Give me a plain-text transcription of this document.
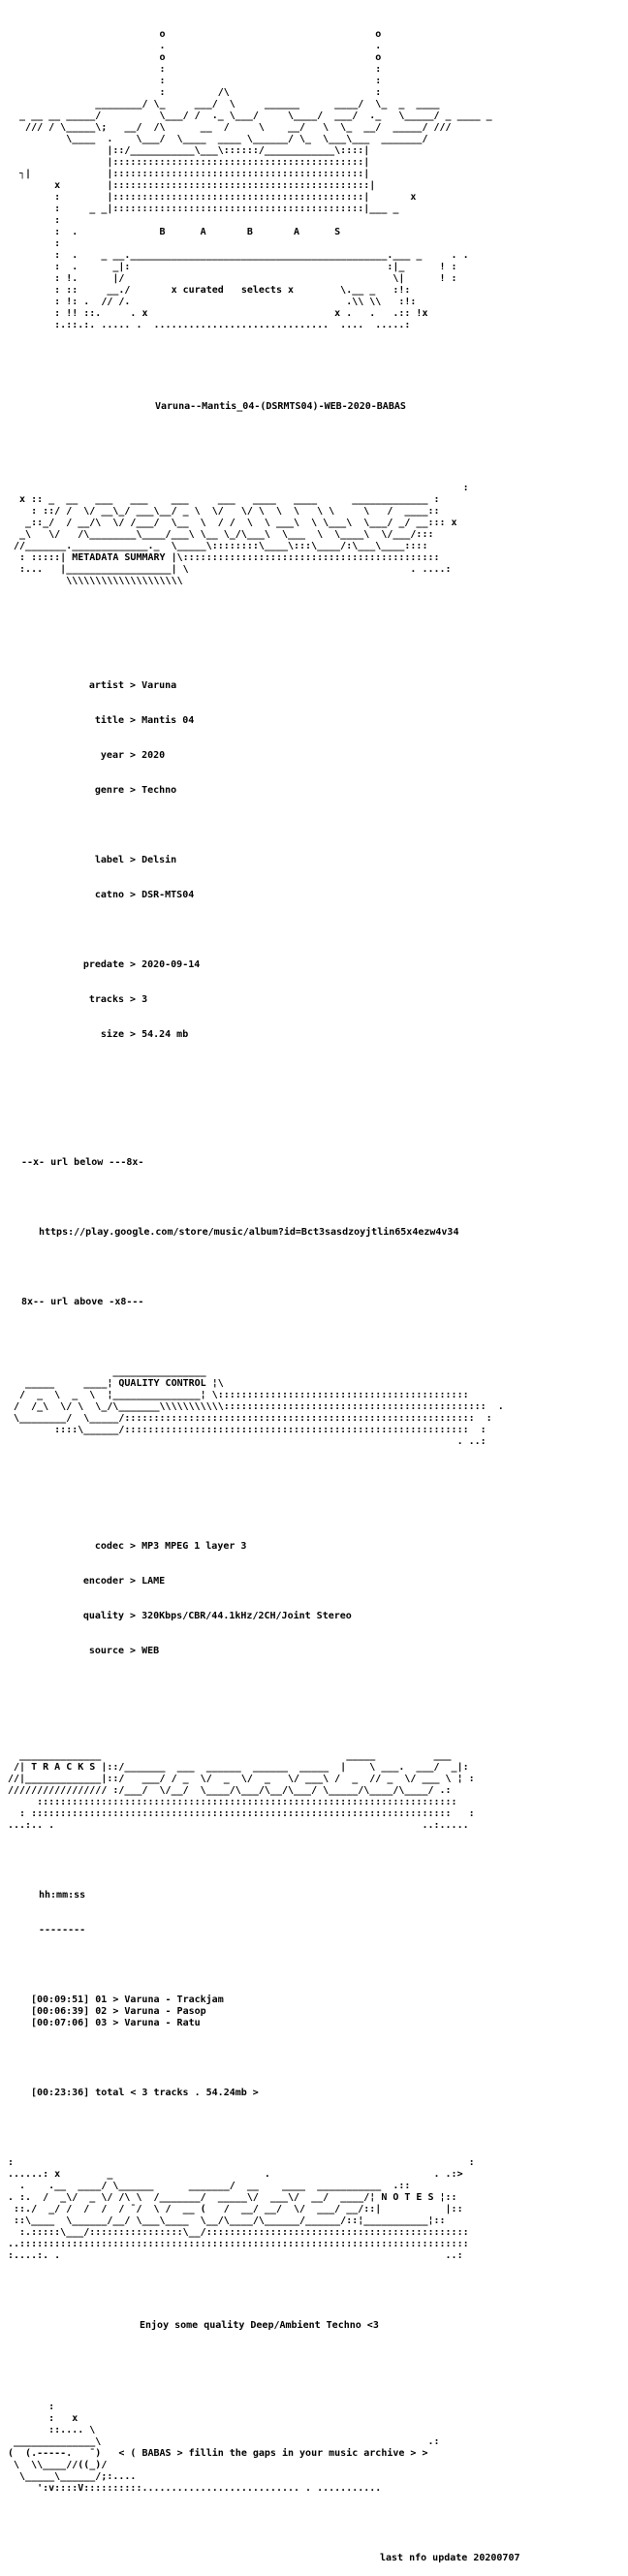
o                                    o
.                                    .
o                                    o
:                                    :
:                                    :
:         /\                         :
________/ \_     ___/  \     ______      ____/  \_  _  ____
_ __ __ _____/          \___/ /  ._ \___/     \____/  ___/  ._   \_____/ _ ____ _
/// / \_____\;   __/  /\      __  /     \    __/   \  \_  __/  _____/ ///
\____  .    \___/  \____  ____ \______/ \_  \___\___  _______/
|::/___________\___\::::::/____________\::::|
|:::::::::::::::::::::::::::::::::::::::::::|
┐|             |:::::::::::::::::::::::::::::::::::::::::::|
x        |::::::::::::::::::::::::::::::::::::::::::::|
:        |:::::::::::::::::::::::::::::::::::::::::::|       x
:     _ _|:::::::::::::::::::::::::::::::::::::::::::|___ _
:
:  .              B      A       B       A      S
:
:  .    _ __.____________________________________________.___ _     . .
:  .      _|:                                            :|_      ! :
: !.      |/                                              \|      ! :
: ::     __./       x curated   selects x        \.__ _   :!:
: !: .  // /.                                     .\\ \\   :!:
: !! ::.     . x                                x .   .   .:: !x
:.::.:. ..... .  ..............................  ....  .....:

Varuna--Mantis_04-(DSRMTS04)-WEB-2020-BABAS

:
x :: _  __   ___   ___    ___     ___   ____   ____      _____________ :
: ::/ /  \/ __\_/ ___\__/ _ \  \/   \/ \  \  \   \ \     \   /  ____::
_::_/  / __/\  \/ /___/  \__  \  / /  \  \ ___\  \ \___\  \___/ _/ __::: x
_\   \/   /\________\____/___\ \__ \_/\___\  \___  \  \____\  \/___/:::
//_______._____________._  \_____\::::::::\____\:::\____/:\___\____::::
: :::::| METADATA SUMMARY |\::::::::::::::::::::::::::::::::::::::::::::
:...   |__________________| \                                      . ....:
\\\\\\\\\\\\\\\\\\\\

artist > Varuna

title > Mantis 04

year > 2020

genre > Techno

label > Delsin

catno > DSR-MTS04

predate > 2020-09-14

tracks > 3

size > 54.24 mb

--x- url below ---8x-

https://play.google.com/store/music/album?id=Bct3sasdzoyjtlin65x4ezw4v34

8x-- url above -x8---

________________
_____     ____¦ QUALITY CONTROL ¦\
/  _  \  _  \  ¦_______________¦ \:::::::::::::::::::::::::::::::::::::::::::
/  /_\  \/ \  \_/\_______\\\\\\\\\\\:::::::::::::::::::::::::::::::::::::::::::::  .
\________/  \_____/::::::::::::::::::::::::::::::::::::::::::::::::::::::::::::  :
::::\______/:::::::::::::::::::::::::::::::::::::::::::::::::::::::::::  :
. ..:

codec > MP3 MPEG 1 layer 3

encoder > LAME

quality > 320Kbps/CBR/44.1kHz/2CH/Joint Stereo

source > WEB

______________                                          _____          ___
/| T R A C K S |::/_______  ___  ______  ______  _____  |    \ ___.  ___/  _|:
//|_____________|::/   ___/ / _  \/  _  \/  _   \/ ___\ /  _  // _  \/ ___ \ ¦ :
///////////////// :/___/  \/__/  \____/\___/\__/\___/ \_____/\____/\____/ .:
::::::::::::::::::::::::::::::::::::::::::::::::::::::::::::::::::::::::
: ::::::::::::::::::::::::::::::::::::::::::::::::::::::::::::::::::::::::   :
...:.. .                                                               ..:.....

hh:mm:ss

--------

[00:09:51] 01 > Varuna - Trackjam
[00:06:39] 02 > Varuna - Pasop
[00:07:06] 03 > Varuna - Ratu

[00:23:36] total < 3 tracks . 54.24mb >

:                                                                              :
......: x        _                          .                            . .:>
.    .__  ____/ \______      _______/  __    ____  ___________  .::
. :.  /  _\/  _ \/ /\ \  /_______/  _____\/  ___\/  __/  ____/¦ N O T E S ¦::
::./  _/ /  /  /  / ¯/  \ /  __ (   /  __/ __/  \/  ___/ __/::|           |::
::\____  \______/__/ \___\____  \__/\____/\______/______/::¦___________¦::
:.:::::\___/::::::::::::::::\__/:::::::::::::::::::::::::::::::::::::::::::::
..:::::::::::::::::::::::::::::::::::::::::::::::::::::::::::::::::::::::::::::
:....:. .                                                                  ..:

Enjoy some quality Deep/Ambient Techno <3

:
:   x
::.... \
______________\                                                        .:
(  (.-----.   ¯)   < ( BABAS > fillin the gaps in your music archive > >
\  \\____//((_)/
\_____\______/;:....
':v::::V::::::::::........................... . ...........

last nfo update 20200707
